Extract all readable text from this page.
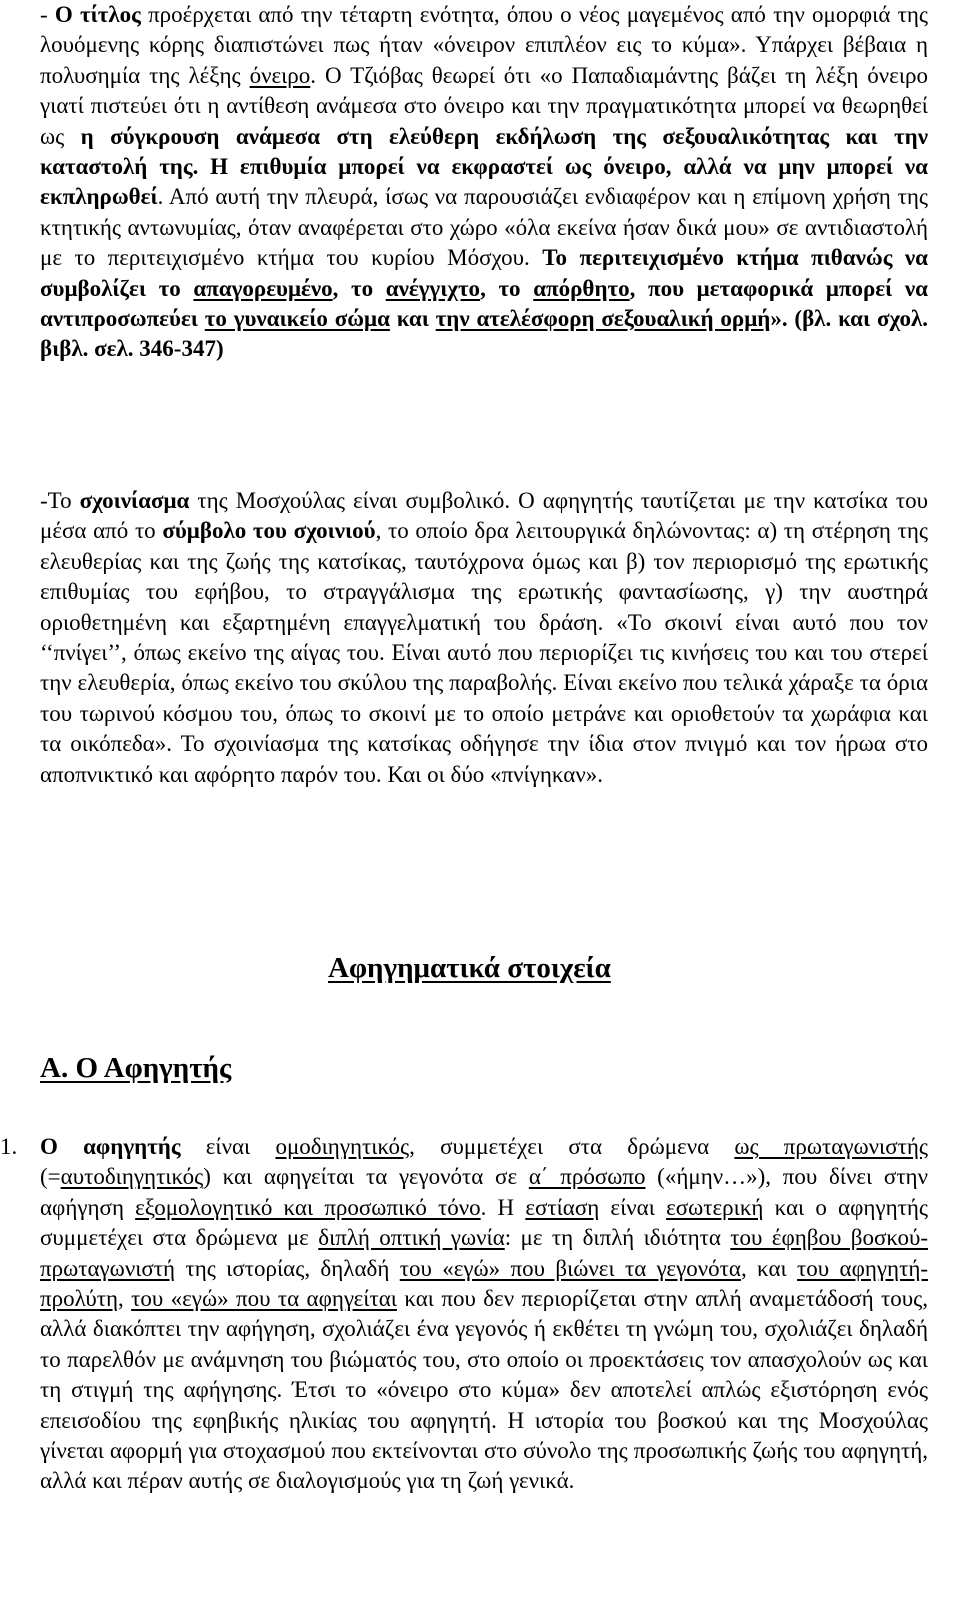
- Ο τίτλος προέρχεται από την τέταρτη ενότητα, όπου ο νέος μαγεμένος από την ομορφιά της λουόμενης κόρης διαπιστώνει πως ήταν «όνειρον επιπλέον εις το κύμα». Υπάρχει βέβαια η πολυσημία της λέξης όνειρο. Ο Τζιόβας θεωρεί ότι «ο Παπαδιαμάντης βάζει τη λέξη όνειρο γιατί πιστεύει ότι η αντίθεση ανάμεσα στο όνειρο και την πραγματικότητα μπορεί να θεωρηθεί ως η σύγκρουση ανάμεσα στη ελεύθερη εκδήλωση της σεξουαλικότητας και την καταστολή της. Η επιθυμία μπορεί να εκφραστεί ως όνειρο, αλλά να μην μπορεί να εκπληρωθεί. Από αυτή την πλευρά, ίσως να παρουσιάζει ενδιαφέρον και η επίμονη χρήση της κτητικής αντωνυμίας, όταν αναφέρεται στο χώρο «όλα εκείνα ήσαν δικά μου» σε αντιδιαστολή με το περιτειχισμένο κτήμα του κυρίου Μόσχου. Το περιτειχισμένο κτήμα πιθανώς να συμβολίζει το απαγορευμένο, το ανέγγιχτο, το απόρθητο, που μεταφορικά μπορεί να αντιπροσωπεύει το γυναικείο σώμα και την ατελέσφορη σεξουαλική ορμή». (βλ. και σχολ. βιβλ. σελ. 346-347)

-Το σχοινίασμα της Μοσχούλας είναι συμβολικό. Ο αφηγητής ταυτίζεται με την κατσίκα του μέσα από το σύμβολο του σχοινιού, το οποίο δρα λειτουργικά δηλώνοντας: α) τη στέρηση της ελευθερίας και της ζωής της κατσίκας, ταυτόχρονα όμως και β) τον περιορισμό της ερωτικής επιθυμίας του εφήβου, το στραγγάλισμα της ερωτικής φαντασίωσης, γ) την αυστηρά οριοθετημένη και εξαρτημένη επαγγελματική του δράση. «Το σκοινί είναι αυτό που τον ‘‘πνίγει’’, όπως εκείνο της αίγας του. Είναι αυτό που περιορίζει τις κινήσεις του και του στερεί την ελευθερία, όπως εκείνο του σκύλου της παραβολής. Είναι εκείνο που τελικά χάραξε τα όρια του τωρινού κόσμου του, όπως το σκοινί με το οποίο μετράνε και οριοθετούν τα χωράφια και τα οικόπεδα». Το σχοινίασμα της κατσίκας οδήγησε την ίδια στον πνιγμό και τον ήρωα στο αποπνικτικό και αφόρητο παρόν του. Και οι δύο «πνίγηκαν».

Αφηγηματικά στοιχεία
Α. Ο Αφηγητής
1. Ο αφηγητής είναι ομοδιηγητικός, συμμετέχει στα δρώμενα ως πρωταγωνιστής (=αυτοδιηγητικός) και αφηγείται τα γεγονότα σε α΄ πρόσωπο («ήμην…»), που δίνει στην αφήγηση εξομολογητικό και προσωπικό τόνο. Η εστίαση είναι εσωτερική και ο αφηγητής συμμετέχει στα δρώμενα με διπλή οπτική γωνία: με τη διπλή ιδιότητα του έφηβου βοσκού-πρωταγωνιστή της ιστορίας, δηλαδή του «εγώ» που βιώνει τα γεγονότα, και του αφηγητή-προλύτη, του «εγώ» που τα αφηγείται και που δεν περιορίζεται στην απλή αναμετάδοσή τους, αλλά διακόπτει την αφήγηση, σχολιάζει ένα γεγονός ή εκθέτει τη γνώμη του, σχολιάζει δηλαδή το παρελθόν με ανάμνηση του βιώματός του, στο οποίο οι προεκτάσεις τον απασχολούν ως και τη στιγμή της αφήγησης. Έτσι το «όνειρο στο κύμα» δεν αποτελεί απλώς εξιστόρηση ενός επεισοδίου της εφηβικής ηλικίας του αφηγητή. Η ιστορία του βοσκού και της Μοσχούλας γίνεται αφορμή για στοχασμού που εκτείνονται στο σύνολο της προσωπικής ζωής του αφηγητή, αλλά και πέραν αυτής σε διαλογισμούς για τη ζωή γενικά.
